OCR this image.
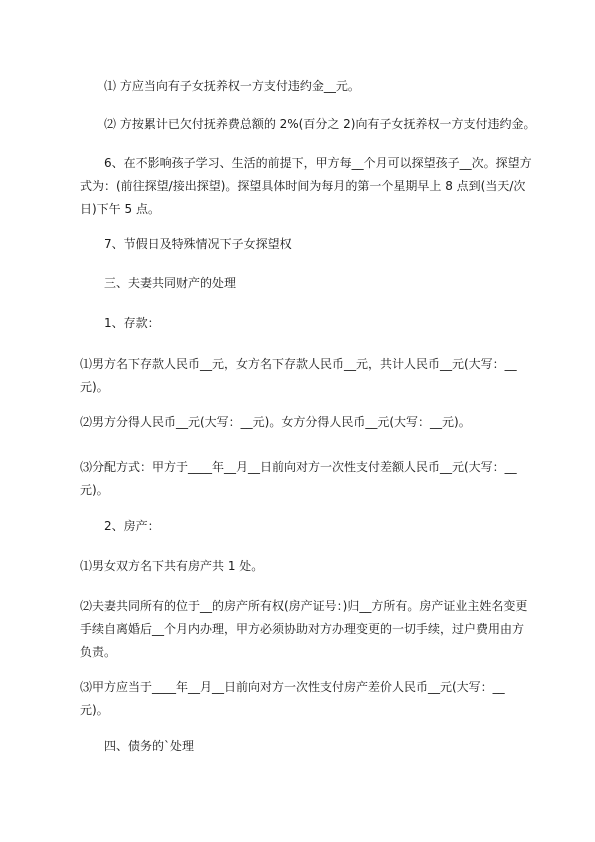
⑴ 方应当向有子女抚养权一方支付违约金__元。
⑵ 方按累计已欠付抚养费总额的 2%(百分之 2)向有子女抚养权一方支付违约金。
6、在不影响孩子学习、生活的前提下，甲方每__个月可以探望孩子__次。探望方式为：(前往探望/接出探望)。探望具体时间为每月的第一个星期早上 8 点到(当天/次日)下午 5 点。
7、节假日及特殊情况下子女探望权
三、夫妻共同财产的处理
1、存款：
⑴男方名下存款人民币__元，女方名下存款人民币__元，共计人民币__元(大写：__元)。
⑵男方分得人民币__元(大写：__元)。女方分得人民币__元(大写：__元)。
⑶分配方式：甲方于____年__月__日前向对方一次性支付差额人民币__元(大写：__元)。
2、房产：
⑴男女双方名下共有房产共 1 处。
⑵夫妻共同所有的位于__的房产所有权(房产证号：)归__方所有。房产证业主姓名变更手续自离婚后__个月内办理，甲方必须协助对方办理变更的一切手续，过户费用由方负责。
⑶甲方应当于____年__月__日前向对方一次性支付房产差价人民币__元(大写：__元)。
四、债务的`处理
